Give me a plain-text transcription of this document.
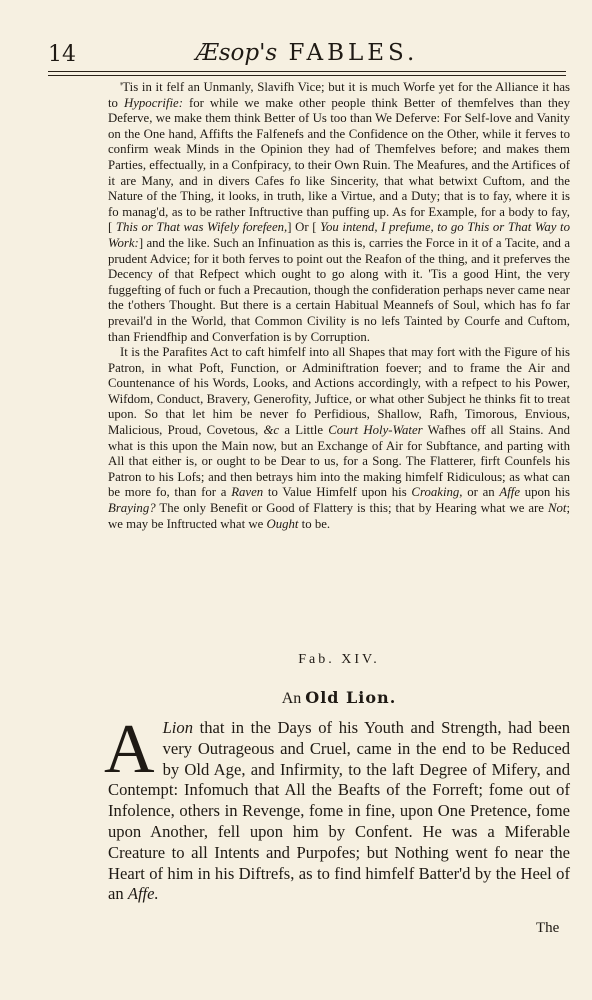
14	Æsop's FABLES.

'Tis in it felf an Unmanly, Slavifh Vice; but it is much Worfe yet for the Alliance it has to Hypocrifie: for while we make other people think Better of themfelves than they Deferve, we make them think Better of Us too than We Deferve: For Self-love and Vanity on the One hand, Affifts the Falfenefs and the Confidence on the Other, while it ferves to confirm weak Minds in the Opinion they had of Themfelves before; and makes them Parties, effectually, in a Confpiracy, to their Own Ruin. The Meafures, and the Artifices of it are Many, and in divers Cafes fo like Sincerity, that what betwixt Cuftom, and the Nature of the Thing, it looks, in truth, like a Virtue, and a Duty; that is to fay, where it is fo manag'd, as to be rather Inftructive than puffing up. As for Example, for a body to fay, [ This or That was Wifely forefeen,] Or [ You intend, I prefume, to go This or That Way to Work:] and the like. Such an Infinuation as this is, carries the Force in it of a Tacite, and a prudent Advice; for it both ferves to point out the Reafon of the thing, and it preferves the Decency of that Refpect which ought to go along with it. 'Tis a good Hint, the very fuggefting of fuch or fuch a Precaution, though the confideration perhaps never came near the t'others Thought. But there is a certain Habitual Meannefs of Soul, which has fo far prevail'd in the World, that Common Civility is no lefs Tainted by Courfe and Cuftom, than Friendfhip and Converfation is by Corruption.

It is the Parafites Act to caft himfelf into all Shapes that may fort with the Figure of his Patron, in what Poft, Function, or Adminiftration foever; and to frame the Air and Countenance of his Words, Looks, and Actions accordingly, with a refpect to his Power, Wifdom, Conduct, Bravery, Generofity, Juftice, or what other Subject he thinks fit to treat upon. So that let him be never fo Perfidious, Shallow, Rafh, Timorous, Envious, Malicious, Proud, Covetous, &c a Little Court Holy-Water Wafhes off all Stains. And what is this upon the Main now, but an Exchange of Air for Subftance, and parting with All that either is, or ought to be Dear to us, for a Song. The Flatterer, firft Counfels his Patron to his Lofs; and then betrays him into the making himfelf Ridiculous; as what can be more fo, than for a Raven to Value Himfelf upon his Croaking, or an Affe upon his Braying? The only Benefit or Good of Flattery is this; that by Hearing what we are Not; we may be Inftructed what we Ought to be.

Fab. XIV.
An Old Lion.
A Lion that in the Days of his Youth and Strength, had been very Outrageous and Cruel, came in the end to be Reduced by Old Age, and Infirmity, to the laft Degree of Mifery, and Contempt: Infomuch that All the Beafts of the Forreft; fome out of Infolence, others in Revenge, fome in fine, upon One Pretence, fome upon Another, fell upon him by Confent. He was a Miferable Creature to all Intents and Purpofes; but Nothing went fo near the Heart of him in his Diftrefs, as to find himfelf Batter'd by the Heel of an Affe.
The
